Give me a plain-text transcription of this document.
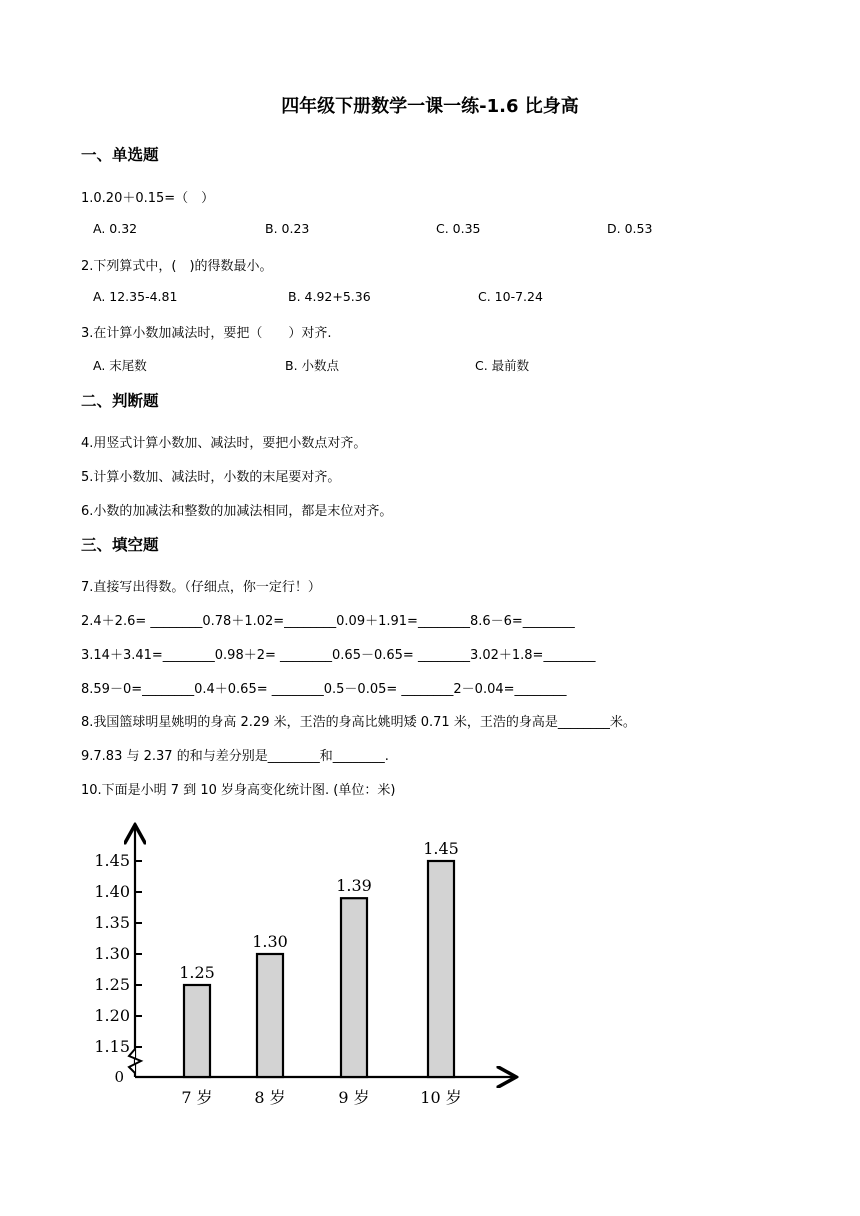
四年级下册数学一课一练-1.6 比身高
一、单选题
1.0.20＋0.15=（　）
A. 0.32	B. 0.23	C. 0.35	D. 0.53
2.下列算式中，(　)的得数最小。
A. 12.35-4.81	B. 4.92+5.36	C. 10-7.24
3.在计算小数加减法时，要把（　　）对齐.
A. 末尾数	B. 小数点	C. 最前数
二、判断题
4.用竖式计算小数加、减法时，要把小数点对齐。
5.计算小数加、减法时，小数的末尾要对齐。
6.小数的加减法和整数的加减法相同，都是末位对齐。
三、填空题
7.直接写出得数。（仔细点，你一定行！）
2.4＋2.6= ________0.78＋1.02=________0.09＋1.91=________8.6－6=________
3.14＋3.41=________0.98＋2= ________0.65－0.65= ________3.02＋1.8=________
8.59－0=________0.4＋0.65= ________0.5－0.05= ________2－0.04=________
8.我国篮球明星姚明的身高 2.29 米，王浩的身高比姚明矮 0.71 米，王浩的身高是________米。
9.7.83 与 2.37 的和与差分别是________和________.
10.下面是小明 7 到 10 岁身高变化统计图. (单位：米)
0
1.15
1.20
1.25
1.30
1.35
1.40
1.45
1.25
7 岁
1.30
8 岁
1.39
9 岁
1.45
10 岁
